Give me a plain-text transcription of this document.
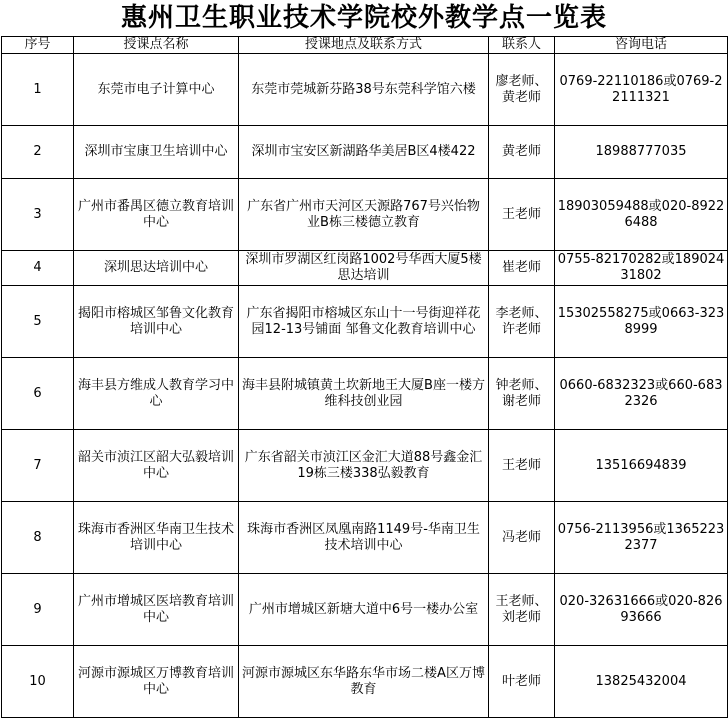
惠州卫生职业技术学院校外教学点一览表
序号	授课点名称	授课地点及联系方式	联系人	咨询电话
1	东莞市电子计算中心	东莞市莞城新芬路38号东莞科学馆六楼	廖老师、黄老师	0769-22110186或0769-22111321
2	深圳市宝康卫生培训中心	深圳市宝安区新湖路华美居B区4楼422	黄老师	18988777035
3	广州市番禺区德立教育培训中心	广东省广州市天河区天源路767号兴怡物业B栋三楼德立教育	王老师	18903059488或020-89226488
4	深圳思达培训中心	深圳市罗湖区红岗路1002号华西大厦5楼 思达培训	崔老师	0755-82170282或18902431802
5	揭阳市榕城区邹鲁文化教育培训中心	广东省揭阳市榕城区东山十一号街迎祥花园12-13号铺面 邹鲁文化教育培训中心	李老师、许老师	15302558275或0663-3238999
6	海丰县方维成人教育学习中心	海丰县附城镇黄土坎新地王大厦B座一楼方维科技创业园	钟老师、谢老师	0660-6832323或660-6832326
7	韶关市浈江区韶大弘毅培训中心	广东省韶关市浈江区金汇大道88号鑫金汇19栋三楼338弘毅教育	王老师	13516694839
8	珠海市香洲区华南卫生技术培训中心	珠海市香洲区凤凰南路1149号-华南卫生技术培训中心	冯老师	0756-2113956或13652232377
9	广州市增城区医培教育培训中心	广州市增城区新塘大道中6号一楼办公室	王老师、刘老师	020-32631666或020-82693666
10	河源市源城区万博教育培训中心	河源市源城区东华路东华市场二楼A区万博教育	叶老师	13825432004
